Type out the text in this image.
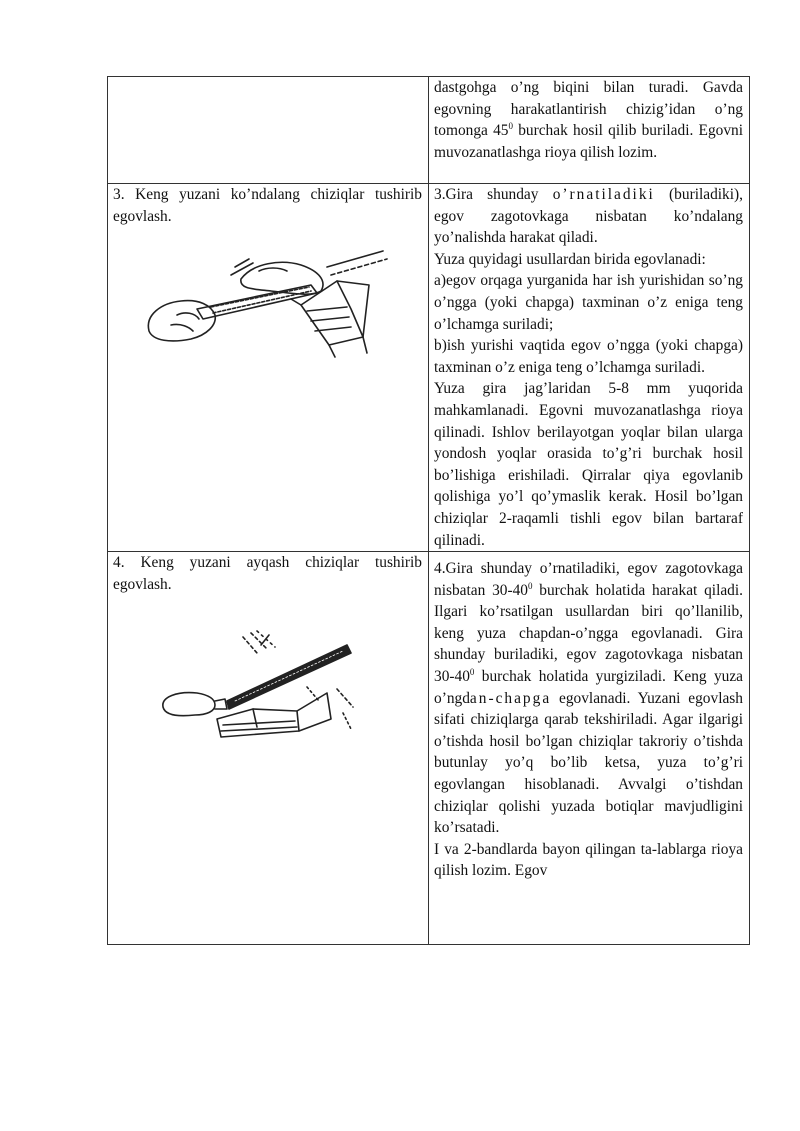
	dastgohga o’ng biqini bilan turadi. Gavda egovning harakatlantirish chizig’idan o’ng tomonga $45^0$ burchak hosil qilib buriladi. Egovni muvozanatlashga rioya qilish lozim.

3. Keng yuzani ko’ndalang chiziqlar tushirib egovlash.	3.Gira shunday o’rnatiladiki (buriladiki), egov zagotovkaga nisbatan ko’ndalang yo’nalishda harakat qiladi.

Yuza quyidagi usullardan birida egovlanadi:

a)egov orqaga yurganida har ish yurishidan so’ng o’ngga (yoki chapga) taxminan o’z eniga teng o’lchamga suriladi;

b)ish yurishi vaqtida egov o’ngga (yoki chapga) taxminan o’z eniga teng o’lchamga suriladi.

Yuza gira jag’laridan 5-8 mm yuqorida mahkamlanadi. Egovni muvozanatlashga rioya qilinadi. Ishlov berilayotgan yoqlar bilan ularga yondosh yoqlar orasida to’g’ri burchak hosil bo’lishiga erishiladi. Qirralar qiya egovlanib qolishiga yo’l qo’ymaslik kerak. Hosil bo’lgan chiziqlar 2-raqamli tishli egov bilan bartaraf qilinadi.

4. Keng yuzani ayqash chiziqlar tushirib egovlash.	4.Gira shunday o’rnatiladiki, egov zagotovkaga nisbatan $30-40^0$ burchak holatida harakat qiladi. Ilgari ko’rsatilgan usullardan biri qo’llanilib, keng yuza chapdan-o’ngga egovlanadi. Gira shunday buriladiki, egov zagotovkaga nisbatan $30-40^0$ burchak holatida yurgiziladi. Keng yuza o’ngdan-chapga egovlanadi. Yuzani egovlash sifati chiziqlarga qarab tekshiriladi. Agar ilgarigi o’tishda hosil bo’lgan chiziqlar takroriy o’tishda butunlay yo’q bo’lib ketsa, yuza to’g’ri egovlangan hisoblanadi. Avvalgi o’tishdan chiziqlar qolishi yuzada botiqlar mavjudligini ko’rsatadi.

I va 2-bandlarda bayon qilingan ta-lablarga rioya qilish lozim. Egov
